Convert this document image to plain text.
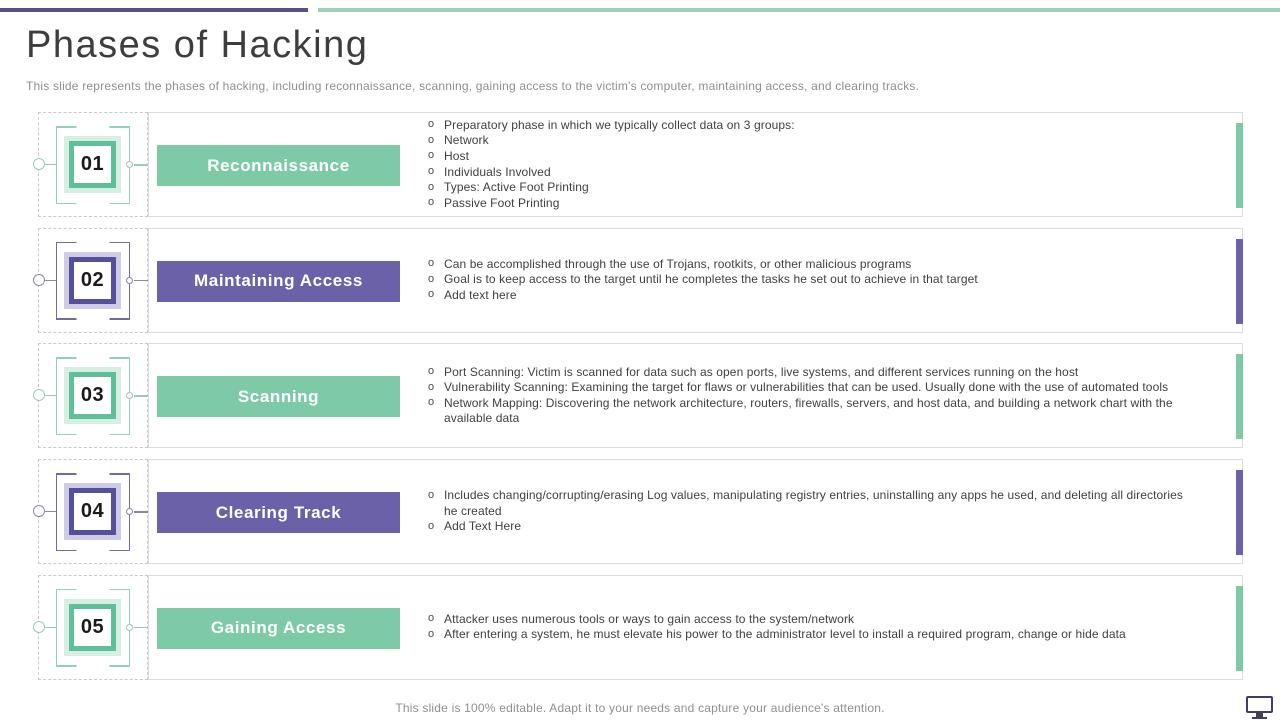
Phases of Hacking

This slide represents the phases of hacking, including reconnaissance, scanning, gaining access to the victim's computer, maintaining access, and clearing tracks.

01	Reconnaissance
o Preparatory phase in which we typically collect data on 3 groups:
o Network
o Host
o Individuals Involved
o Types: Active Foot Printing
o Passive Foot Printing
02	Maintaining Access
o Can be accomplished through the use of Trojans, rootkits, or other malicious programs
o Goal is to keep access to the target until he completes the tasks he set out to achieve in that target
o Add text here
03	Scanning
o Port Scanning: Victim is scanned for data such as open ports, live systems, and different services running on the host
o Vulnerability Scanning: Examining the target for flaws or vulnerabilities that can be used. Usually done with the use of automated tools
o Network Mapping: Discovering the network architecture, routers, firewalls, servers, and host data, and building a network chart with the available data
04	Clearing Track
o Includes changing/corrupting/erasing Log values, manipulating registry entries, uninstalling any apps he used, and deleting all directories he created
o Add Text Here
05	Gaining Access	o Attacker uses numerous tools or ways to gain access to the system/network
o After entering a system, he must elevate his power to the administrator level to install a required program, change or hide data

This slide is 100% editable. Adapt it to your needs and capture your audience's attention.
